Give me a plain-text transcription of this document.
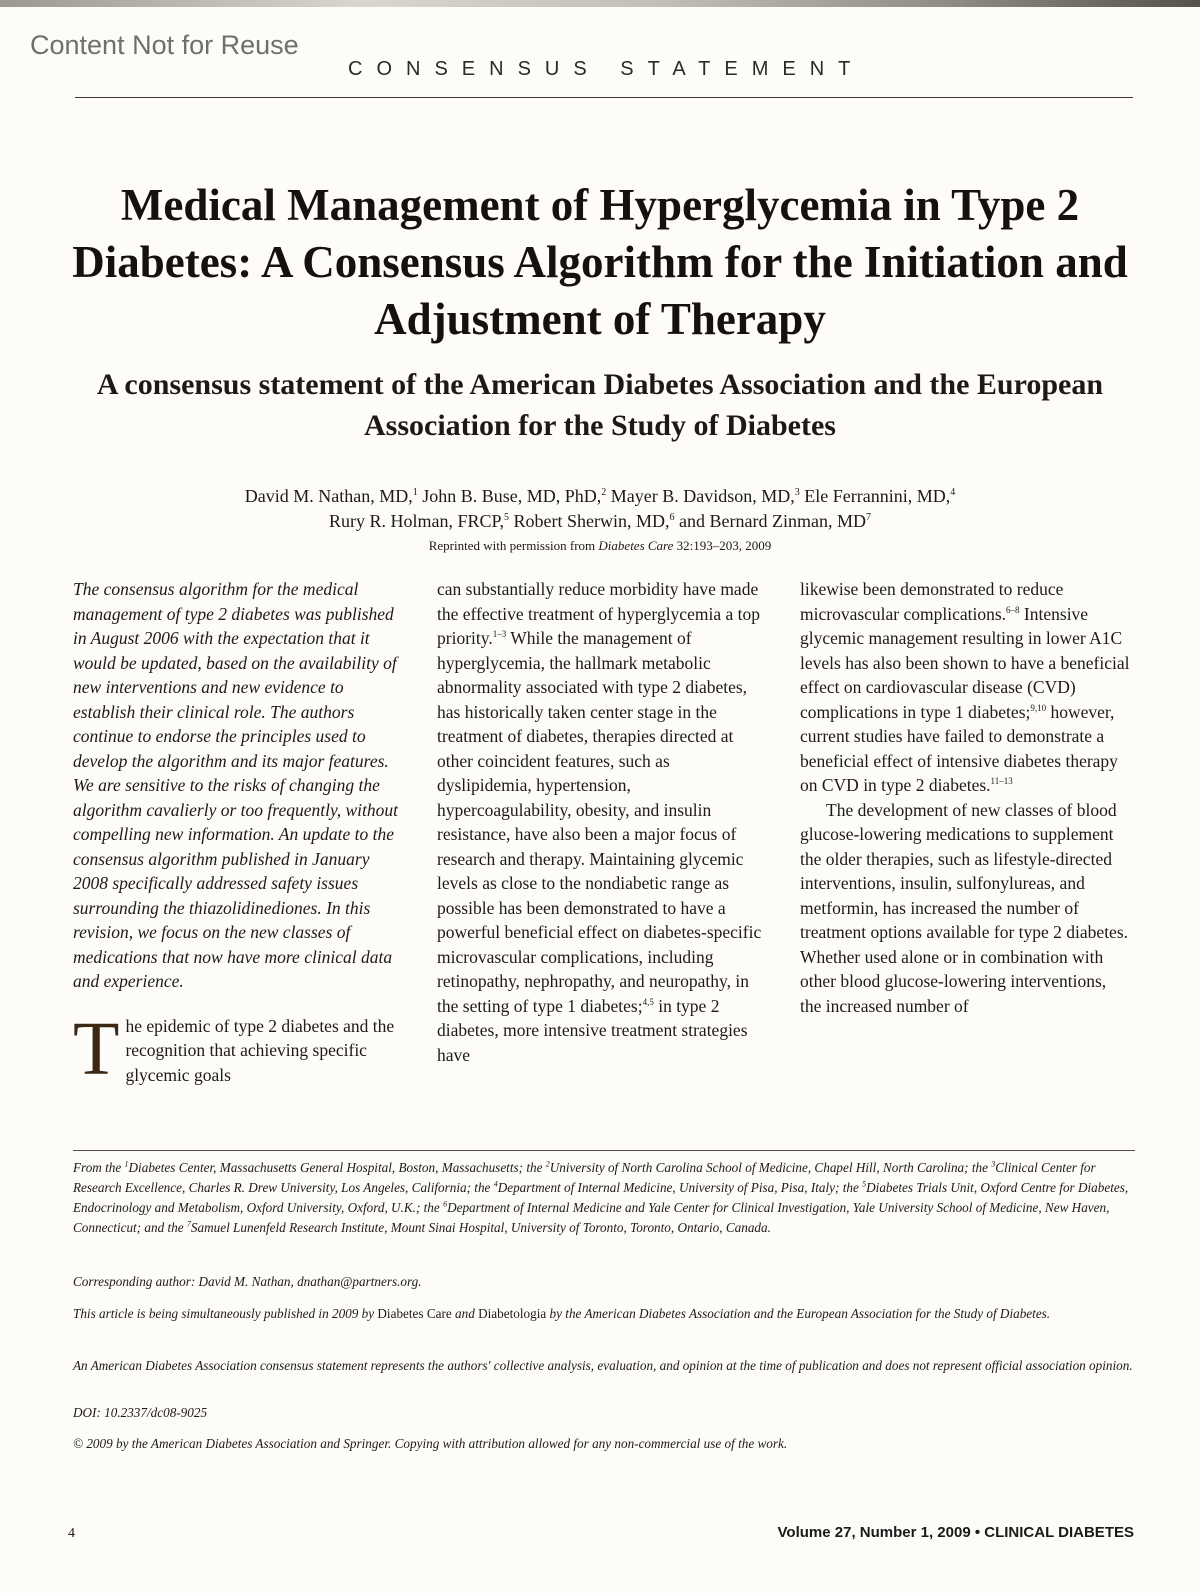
Content Not for Reuse
CONSENSUS STATEMENT
Medical Management of Hyperglycemia in Type 2 Diabetes: A Consensus Algorithm for the Initiation and Adjustment of Therapy
A consensus statement of the American Diabetes Association and the European Association for the Study of Diabetes
David M. Nathan, MD,$^1$ John B. Buse, MD, PhD,$^2$ Mayer B. Davidson, MD,$^3$ Ele Ferrannini, MD,$^4$
Rury R. Holman, FRCP,$^5$ Robert Sherwin, MD,$^6$ and Bernard Zinman, $MD^7$
Reprinted with permission from Diabetes Care 32:193–203, 2009

The consensus algorithm for the medical management of type 2 diabetes was published in August 2006 with the expectation that it would be updated, based on the availability of new interventions and new evidence to establish their clinical role. The authors continue to endorse the principles used to develop the algorithm and its major features. We are sensitive to the risks of changing the algorithm cavalierly or too frequently, without compelling new information. An update to the consensus algorithm published in January 2008 specifically addressed safety issues surrounding the thiazolidinediones. In this revision, we focus on the new classes of medications that now have more clinical data and experience.

The epidemic of type 2 diabetes and the recognition that achieving specific glycemic goals

can substantially reduce morbidity have made the effective treatment of hyperglycemia a top priority.$^{1-3}$ While the management of hyperglycemia, the hallmark metabolic abnormality associated with type 2 diabetes, has historically taken center stage in the treatment of diabetes, therapies directed at other coincident features, such as dyslipidemia, hypertension, hypercoagulability, obesity, and insulin resistance, have also been a major focus of research and therapy. Maintaining glycemic levels as close to the nondiabetic range as possible has been demonstrated to have a powerful beneficial effect on diabetes-specific microvascular complications, including retinopathy, nephropathy, and neuropathy, in the setting of type 1 diabetes;$^{4,5}$ in type 2 diabetes, more intensive treatment strategies have

likewise been demonstrated to reduce microvascular complications.$^{6-8}$ Intensive glycemic management resulting in lower A1C levels has also been shown to have a beneficial effect on cardiovascular disease (CVD) complications in type 1 diabetes;$^{9,10}$ however, current studies have failed to demonstrate a beneficial effect of intensive diabetes therapy on CVD in type 2 diabetes.$^{11-13}$

The development of new classes of blood glucose-lowering medications to supplement the older therapies, such as lifestyle-directed interventions, insulin, sulfonylureas, and metformin, has increased the number of treatment options available for type 2 diabetes. Whether used alone or in combination with other blood glucose-lowering interventions, the increased number of

From the $^1$Diabetes Center, Massachusetts General Hospital, Boston, Massachusetts; the $^2$University of North Carolina School of Medicine, Chapel Hill, North Carolina; the $^3$Clinical Center for Research Excellence, Charles R. Drew University, Los Angeles, California; the $^4$Department of Internal Medicine, University of Pisa, Pisa, Italy; the $^5$Diabetes Trials Unit, Oxford Centre for Diabetes, Endocrinology and Metabolism, Oxford University, Oxford, U.K.; the $^6$Department of Internal Medicine and Yale Center for Clinical Investigation, Yale University School of Medicine, New Haven, Connecticut; and the $^7$Samuel Lunenfeld Research Institute, Mount Sinai Hospital, University of Toronto, Toronto, Ontario, Canada.

Corresponding author: David M. Nathan, dnathan@partners.org.

This article is being simultaneously published in 2009 by Diabetes Care and Diabetologia by the American Diabetes Association and the European Association for the Study of Diabetes.

An American Diabetes Association consensus statement represents the authors' collective analysis, evaluation, and opinion at the time of publication and does not represent official association opinion.

DOI: 10.2337/dc08-9025

© 2009 by the American Diabetes Association and Springer. Copying with attribution allowed for any non-commercial use of the work.

4	Volume 27, Number 1, 2009 • CLINICAL DIABETES
